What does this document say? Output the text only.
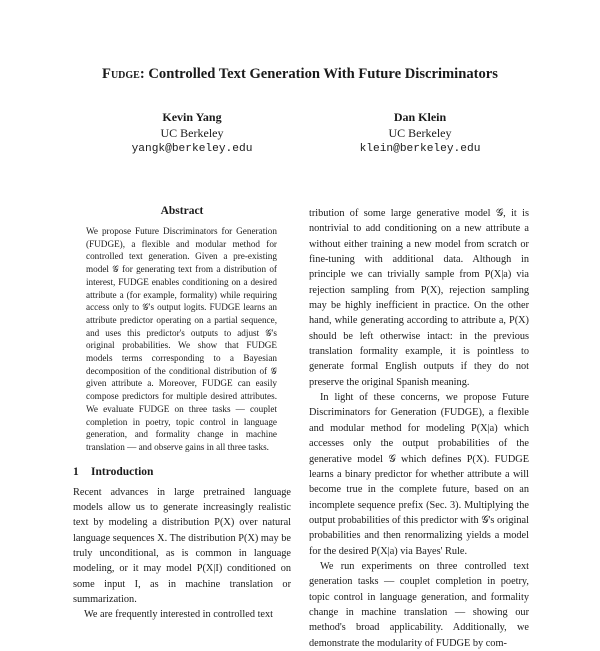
Fudge: Controlled Text Generation With Future Discriminators
Kevin Yang
UC Berkeley
yangk@berkeley.edu
Dan Klein
UC Berkeley
klein@berkeley.edu
Abstract

We propose Future Discriminators for Generation (FUDGE), a flexible and modular method for controlled text generation. Given a pre-existing model 𝒢 for generating text from a distribution of interest, FUDGE enables conditioning on a desired attribute a (for example, formality) while requiring access only to 𝒢's output logits. FUDGE learns an attribute predictor operating on a partial sequence, and uses this predictor's outputs to adjust 𝒢's original probabilities. We show that FUDGE models terms corresponding to a Bayesian decomposition of the conditional distribution of 𝒢 given attribute a. Moreover, FUDGE can easily compose predictors for multiple desired attributes. We evaluate FUDGE on three tasks — couplet completion in poetry, topic control in language generation, and formality change in machine translation — and observe gains in all three tasks.

1 Introduction

Recent advances in large pretrained language models allow us to generate increasingly realistic text by modeling a distribution P(X) over natural language sequences X. The distribution P(X) may be truly unconditional, as is common in language modeling, or it may model P(X|I) conditioned on some input I, as in machine translation or summarization.

We are frequently interested in controlled text

tribution of some large generative model 𝒢, it is nontrivial to add conditioning on a new attribute a without either training a new model from scratch or fine-tuning with additional data. Although in principle we can trivially sample from P(X|a) via rejection sampling from P(X), rejection sampling may be highly inefficient in practice. On the other hand, while generating according to attribute a, P(X) should be left otherwise intact: in the previous translation formality example, it is pointless to generate formal English outputs if they do not preserve the original Spanish meaning.

In light of these concerns, we propose Future Discriminators for Generation (FUDGE), a flexible and modular method for modeling P(X|a) which accesses only the output probabilities of the generative model 𝒢 which defines P(X). FUDGE learns a binary predictor for whether attribute a will become true in the complete future, based on an incomplete sequence prefix (Sec. 3). Multiplying the output probabilities of this predictor with 𝒢's original probabilities and then renormalizing yields a model for the desired P(X|a) via Bayes' Rule.

We run experiments on three controlled text generation tasks — couplet completion in poetry, topic control in language generation, and formality change in machine translation — showing our method's broad applicability. Additionally, we demonstrate the modularity of FUDGE by com-
